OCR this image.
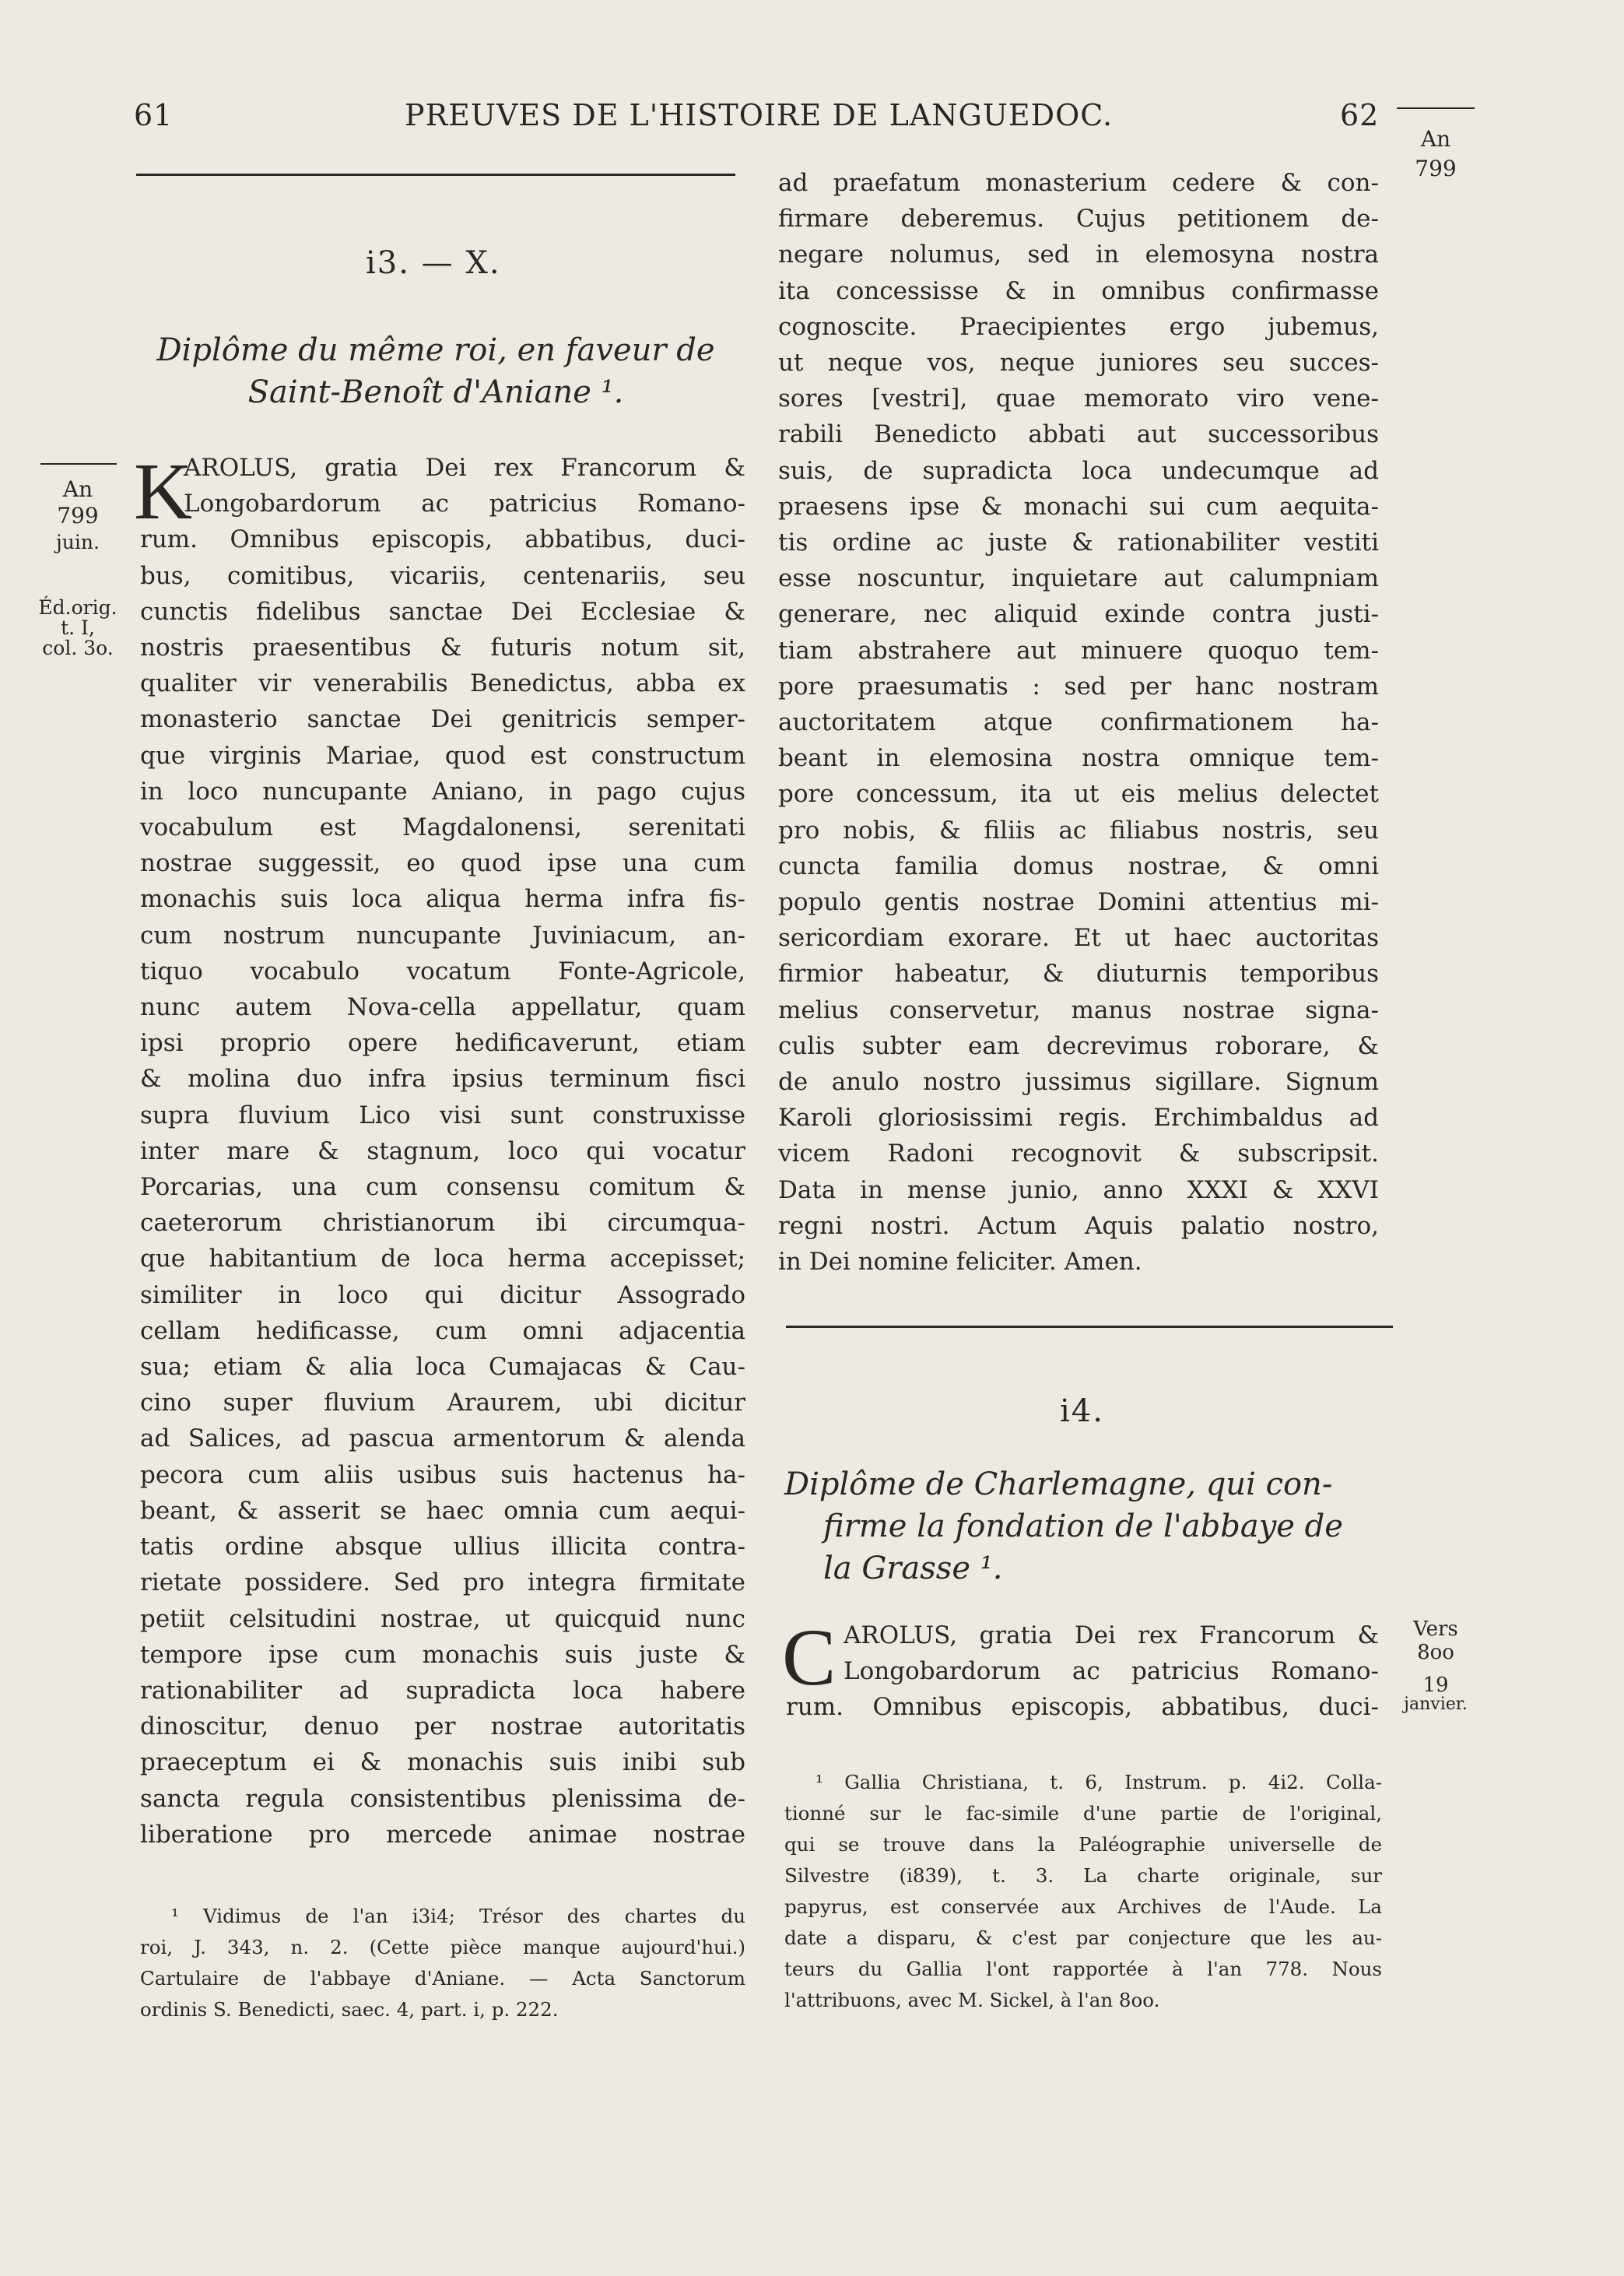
61	PREUVES DE L'HISTOIRE DE LANGUEDOC.	62
An
799
i3. — X.
Diplôme du même roi, en faveur de
Saint-Benoît d'Aniane ¹.
An
799
juin.
Éd.orig.
t. I,
col. 3o.
K
AROLUS, gratia Dei rex Francorum &
Longobardorum ac patricius Romano-
rum. Omnibus episcopis, abbatibus, duci-
bus, comitibus, vicariis, centenariis, seu
cunctis fidelibus sanctae Dei Ecclesiae &
nostris praesentibus & futuris notum sit,
qualiter vir venerabilis Benedictus, abba ex
monasterio sanctae Dei genitricis semper-
que virginis Mariae, quod est constructum
in loco nuncupante Aniano, in pago cujus
vocabulum est Magdalonensi, serenitati
nostrae suggessit, eo quod ipse una cum
monachis suis loca aliqua herma infra fis-
cum nostrum nuncupante Juviniacum, an-
tiquo vocabulo vocatum Fonte-Agricole,
nunc autem Nova-cella appellatur, quam
ipsi proprio opere hedificaverunt, etiam
& molina duo infra ipsius terminum fisci
supra fluvium Lico visi sunt construxisse
inter mare & stagnum, loco qui vocatur
Porcarias, una cum consensu comitum &
caeterorum christianorum ibi circumqua-
que habitantium de loca herma accepisset;
similiter in loco qui dicitur Assogrado
cellam hedificasse, cum omni adjacentia
sua; etiam & alia loca Cumajacas & Cau-
cino super fluvium Araurem, ubi dicitur
ad Salices, ad pascua armentorum & alenda
pecora cum aliis usibus suis hactenus ha-
beant, & asserit se haec omnia cum aequi-
tatis ordine absque ullius illicita contra-
rietate possidere. Sed pro integra firmitate
petiit celsitudini nostrae, ut quicquid nunc
tempore ipse cum monachis suis juste &
rationabiliter ad supradicta loca habere
dinoscitur, denuo per nostrae autoritatis
praeceptum ei & monachis suis inibi sub
sancta regula consistentibus plenissima de-
liberatione pro mercede animae nostrae
¹ Vidimus de l'an i3i4; Trésor des chartes du
roi, J. 343, n. 2. (Cette pièce manque aujourd'hui.)
Cartulaire de l'abbaye d'Aniane. — Acta Sanctorum
ordinis S. Benedicti, saec. 4, part. i, p. 222.
ad praefatum monasterium cedere & con-
firmare deberemus. Cujus petitionem de-
negare nolumus, sed in elemosyna nostra
ita concessisse & in omnibus confirmasse
cognoscite. Praecipientes ergo jubemus,
ut neque vos, neque juniores seu succes-
sores [vestri], quae memorato viro vene-
rabili Benedicto abbati aut successoribus
suis, de supradicta loca undecumque ad
praesens ipse & monachi sui cum aequita-
tis ordine ac juste & rationabiliter vestiti
esse noscuntur, inquietare aut calumpniam
generare, nec aliquid exinde contra justi-
tiam abstrahere aut minuere quoquo tem-
pore praesumatis : sed per hanc nostram
auctoritatem atque confirmationem ha-
beant in elemosina nostra omnique tem-
pore concessum, ita ut eis melius delectet
pro nobis, & filiis ac filiabus nostris, seu
cuncta familia domus nostrae, & omni
populo gentis nostrae Domini attentius mi-
sericordiam exorare. Et ut haec auctoritas
firmior habeatur, & diuturnis temporibus
melius conservetur, manus nostrae signa-
culis subter eam decrevimus roborare, &
de anulo nostro jussimus sigillare. Signum
Karoli gloriosissimi regis. Erchimbaldus ad
vicem Radoni recognovit & subscripsit.
Data in mense junio, anno XXXI & XXVI
regni nostri. Actum Aquis palatio nostro,
in Dei nomine feliciter. Amen.
i4.
Diplôme de Charlemagne, qui con-
firme la fondation de l'abbaye de
la Grasse ¹.
Vers
8oo
19
janvier.
C AROLUS, gratia Dei rex Francorum &
Longobardorum ac patricius Romano-
rum. Omnibus episcopis, abbatibus, duci-
¹ Gallia Christiana, t. 6, Instrum. p. 4i2. Colla-
tionné sur le fac-simile d'une partie de l'original,
qui se trouve dans la Paléographie universelle de
Silvestre (i839), t. 3. La charte originale, sur
papyrus, est conservée aux Archives de l'Aude. La
date a disparu, & c'est par conjecture que les au-
teurs du Gallia l'ont rapportée à l'an 778. Nous
l'attribuons, avec M. Sickel, à l'an 8oo.
